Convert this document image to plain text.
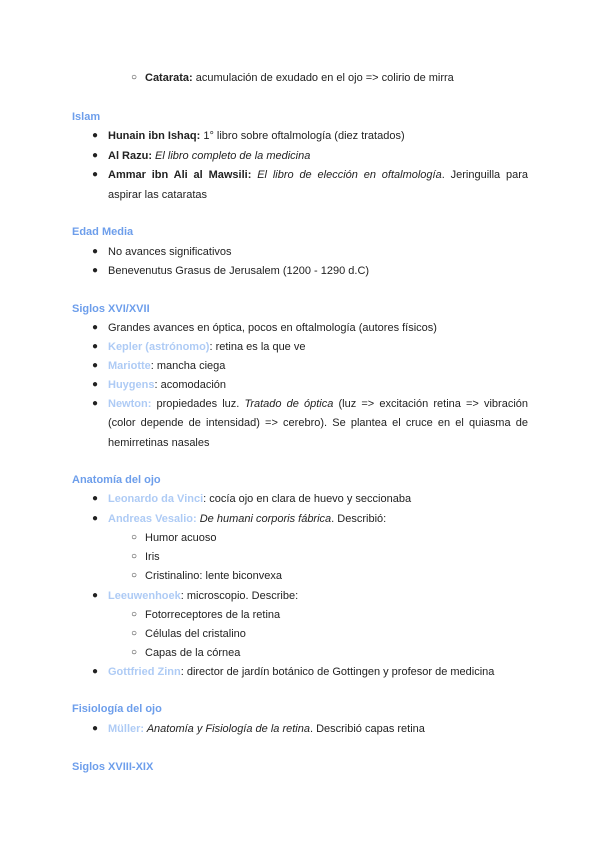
○ Catarata: acumulación de exudado en el ojo => colirio de mirra
Islam
● Hunain ibn Ishaq: 1° libro sobre oftalmología (diez tratados)
● Al Razu: El libro completo de la medicina
● Ammar ibn Ali al Mawsili: El libro de elección en oftalmología. Jeringuilla para
aspirar las cataratas
Edad Media
● No avances significativos
● Benevenutus Grasus de Jerusalem (1200 - 1290 d.C)
Siglos XVI/XVII
● Grandes avances en óptica, pocos en oftalmología (autores físicos)
● Kepler (astrónomo): retina es la que ve
● Mariotte: mancha ciega
● Huygens: acomodación
● Newton: propiedades luz. Tratado de óptica (luz => excitación retina => vibración
(color depende de intensidad) => cerebro). Se plantea el cruce en el quiasma de
hemirretinas nasales
Anatomía del ojo
● Leonardo da Vinci: cocía ojo en clara de huevo y seccionaba
● Andreas Vesalio: De humani corporis fábrica. Describió:
○ Humor acuoso
○ Iris
○ Cristinalino: lente biconvexa
● Leeuwenhoek: microscopio. Describe:
○ Fotorreceptores de la retina
○ Células del cristalino
○ Capas de la córnea
● Gottfried Zinn: director de jardín botánico de Gottingen y profesor de medicina
Fisiología del ojo
● Müller: Anatomía y Fisiología de la retina. Describió capas retina
Siglos XVIII-XIX
